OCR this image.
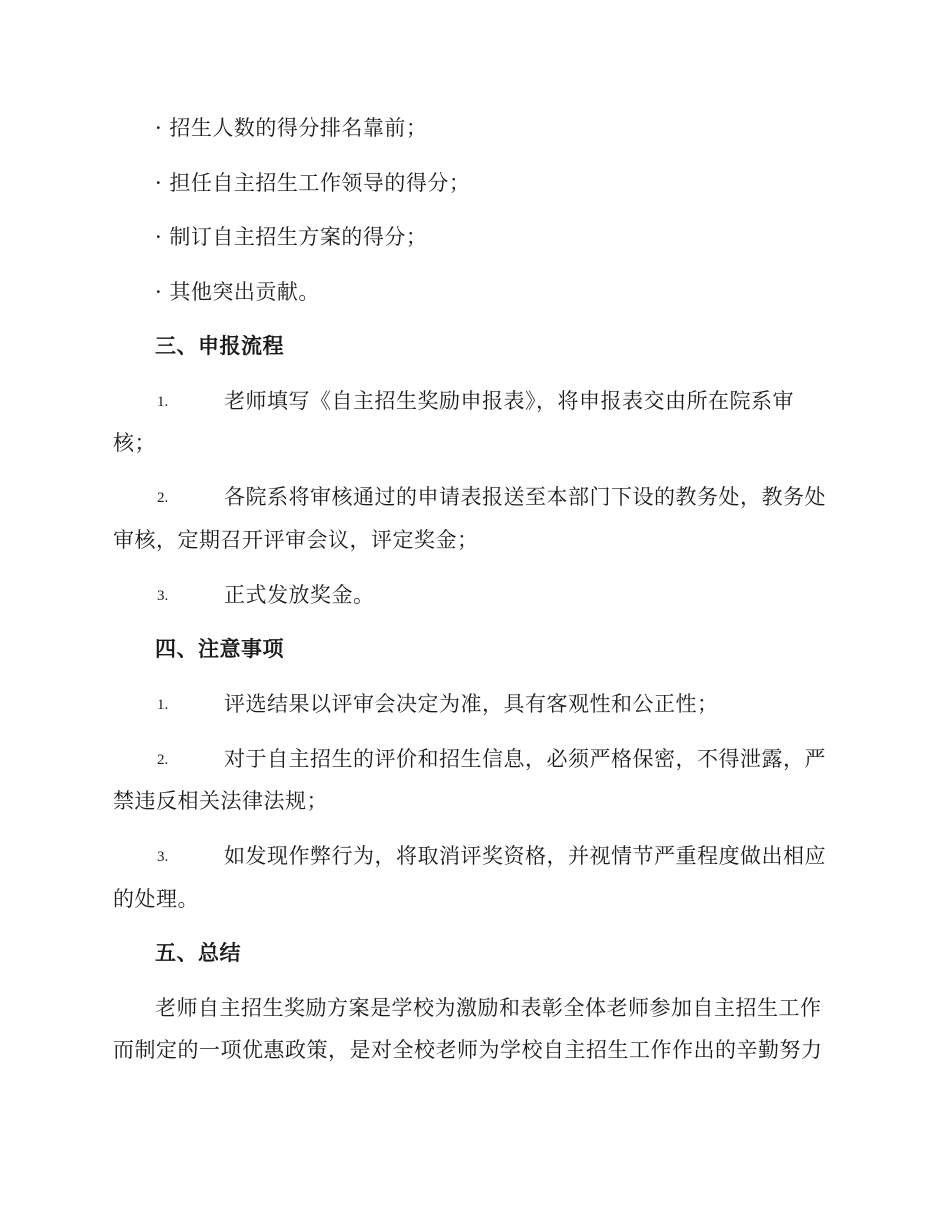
· 招生人数的得分排名靠前；
· 担任自主招生工作领导的得分；
· 制订自主招生方案的得分；
· 其他突出贡献。
三、申报流程
1.	老师填写《自主招生奖励申报表》，将申报表交由所在院系审
核；
2.	各院系将审核通过的申请表报送至本部门下设的教务处，教务处
审核，定期召开评审会议，评定奖金；
3.	正式发放奖金。
四、注意事项
1.	评选结果以评审会决定为准，具有客观性和公正性；
2.	对于自主招生的评价和招生信息，必须严格保密，不得泄露，严
禁违反相关法律法规；
3.	如发现作弊行为，将取消评奖资格，并视情节严重程度做出相应
的处理。
五、总结
老师自主招生奖励方案是学校为激励和表彰全体老师参加自主招生工作
而制定的一项优惠政策，是对全校老师为学校自主招生工作作出的辛勤努力
